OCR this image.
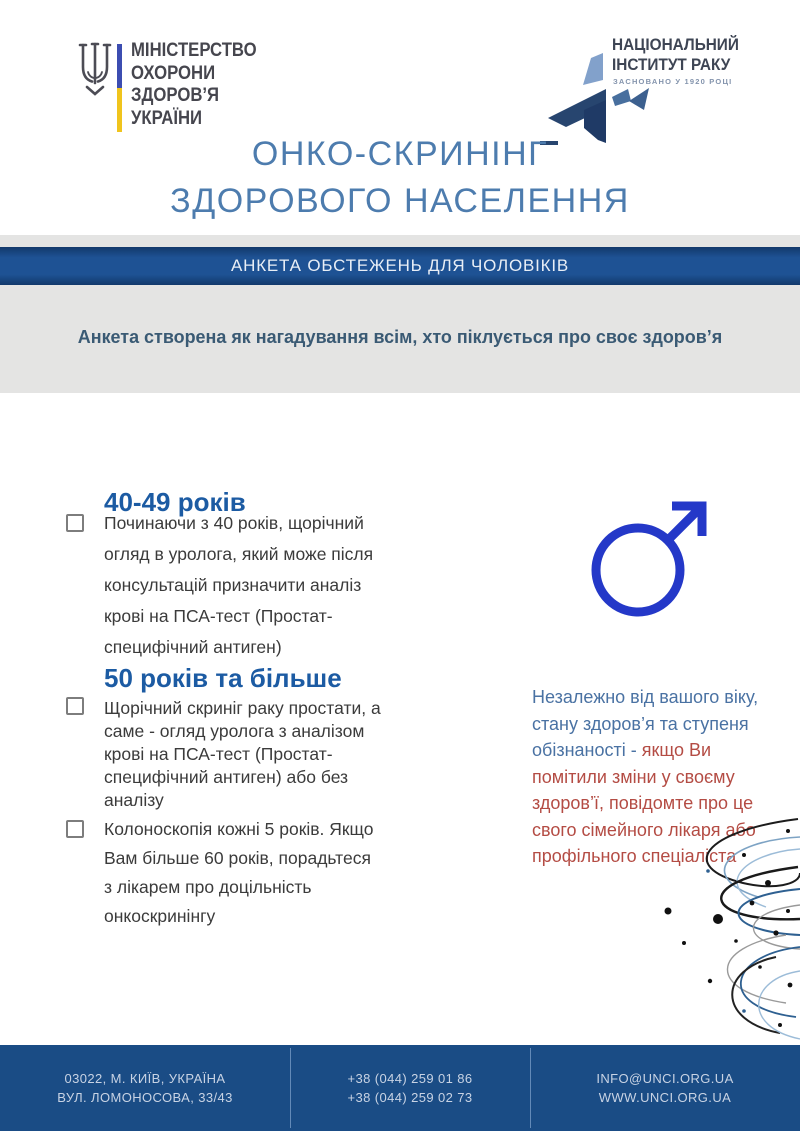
МІНІСТЕРСТВО
ОХОРОНИ
ЗДОРОВ’Я
УКРАЇНИ
НАЦІОНАЛЬНИЙ
ІНСТИТУТ РАКУ
ЗАСНОВАНО У 1920 РОЦІ
ОНКО-СКРИНІНГ
ЗДОРОВОГО НАСЕЛЕННЯ
АНКЕТА ОБСТЕЖЕНЬ ДЛЯ ЧОЛОВІКІВ
Анкета створена як нагадування всім, хто піклується про своє здоров’я
40-49 років
Починаючи з 40 років, щорічний огляд в уролога, який може після консультацій призначити аналіз крові на ПСА-тест (Простат-специфічний антиген)
50 років та більше
Щорічний скриніг раку простати, а саме - огляд уролога з аналізом крові на ПСА-тест (Простат-специфічний антиген) або без аналізу
Колоноскопія кожні 5 років. Якщо Вам більше 60 років, порадьтеся з лікарем про доцільність онкоскринінгу

Незалежно від вашого віку, стану здоров’я та ступеня обізнаності - якщо Ви помітили зміни у своєму здоров’ї, повідомте про це свого сімейного лікаря або профільного спеціаліста

03022, М. КИЇВ, УКРАЇНА
ВУЛ. ЛОМОНОСОВА, 33/43
+38 (044) 259 01 86
+38 (044) 259 02 73
INFO@UNCI.ORG.UA
WWW.UNCI.ORG.UA
